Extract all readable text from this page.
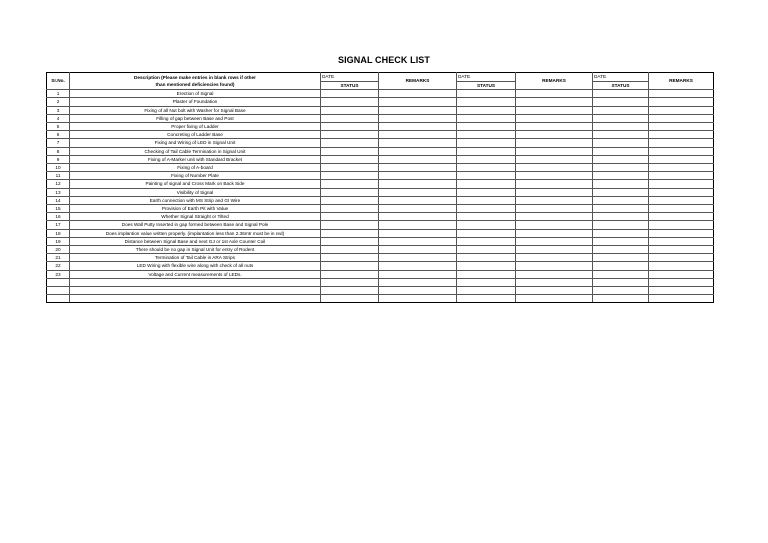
SIGNAL CHECK LIST
Sr.No.	Description (Please make entries in blank rows if other
than mentioned deficiencies found)	DATE	REMARKS	DATE	REMARKS	DATE	REMARKS
		STATUS		STATUS		STATUS	
1	Erection of Signal						
2	Plaster of Foundation						
3	Fixing of all Nut bolt with Washer for Signal Base						
4	Filling of gap between Base and Post						
5	Proper fixing of Ladder						
6	Concreting of Ladder Base						
7	Fixing and Wiring of LED in Signal Unit						
8	Checking of Tail Cable Termination in Signal Unit						
9	Fixing of A-Marker unit with Standard Bracket						
10	Fixing of A-board						
11	Fixing of Number Plate						
12	Painting of signal and Cross Mark on Back Side						
13	Visibility of Signal						
14	Earth connection with MS Strip and GI Wire						
15	Provision of Earth Pit with Value						
16	Whether Signal Straight or Tilted						
17	Does Wall Putty Inserted in gap formed between Base and Signal Pole						
18	Does implantion value written properly. (implantation less than 2.36mtr must be in red)						
19	Distance between Signal Base and next GJ or 1st Axle Counter Coil						
20	There should be no gap in Signal Unit for entry of Rodent						
21	Termination of Tail Cable in ARA Strips						
22	LED Wiring with flexible wire along with check of all nuts						
23	Voltage and Current measurements of LEDs.						
